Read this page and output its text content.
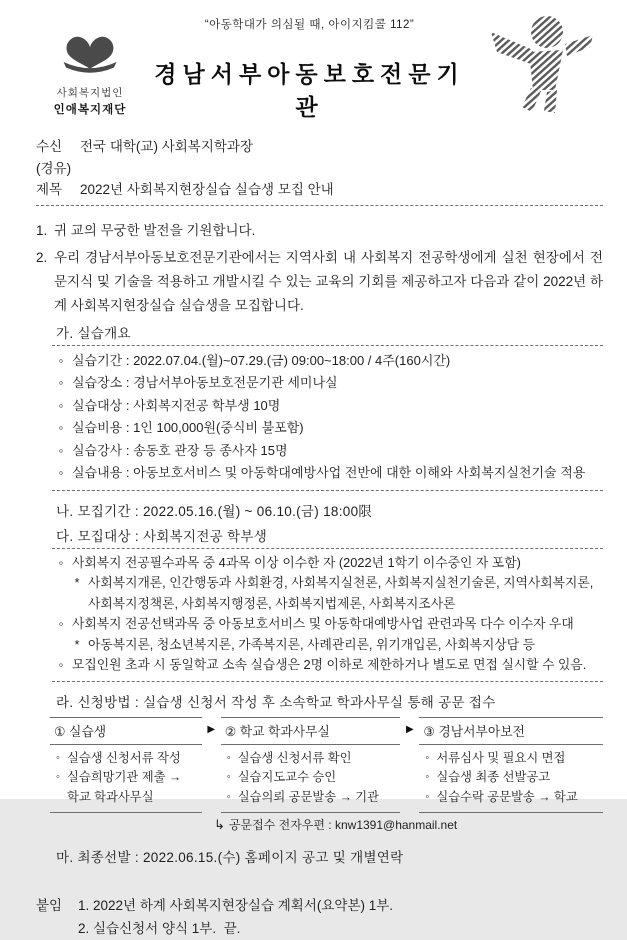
사회복지법인
인애복지재단
“아동학대가 의심될 때, 아이지킴콜 112”
경남서부아동보호전문기관
수신 전국 대학(교) 사회복지학과장
(경유)
제목 2022년 사회복지현장실습 실습생 모집 안내
1. 귀 교의 무궁한 발전을 기원합니다.
2. 우리 경남서부아동보호전문기관에서는 지역사회 내 사회복지 전공학생에게 실천 현장에서 전문지식 및 기술을 적용하고 개발시킬 수 있는 교육의 기회를 제공하고자 다음과 같이 2022년 하계 사회복지현장실습 실습생을 모집합니다.
가. 실습개요
◦ 실습기간 : 2022.07.04.(월)~07.29.(금) 09:00~18:00 / 4주(160시간)
◦ 실습장소 : 경남서부아동보호전문기관 세미나실
◦ 실습대상 : 사회복지전공 학부생 10명
◦ 실습비용 : 1인 100,000원(중식비 불포함)
◦ 실습강사 : 송동호 관장 등 종사자 15명
◦ 실습내용 : 아동보호서비스 및 아동학대예방사업 전반에 대한 이해와 사회복지실천기술 적용
나. 모집기간 : 2022.05.16.(월) ~ 06.10.(금) 18:00限
다. 모집대상 : 사회복지전공 학부생
◦ 사회복지 전공필수과목 중 4과목 이상 이수한 자 (2022년 1학기 이수중인 자 포함)
* 사회복지개론, 인간행동과 사회환경, 사회복지실천론, 사회복지실천기술론, 지역사회복지론, 사회복지정책론, 사회복지행정론, 사회복지법제론, 사회복지조사론
◦ 사회복지 전공선택과목 중 아동보호서비스 및 아동학대예방사업 관련과목 다수 이수자 우대
* 아동복지론, 청소년복지론, 가족복지론, 사례관리론, 위기개입론, 사회복지상담 등
◦ 모집인원 초과 시 동일학교 소속 실습생은 2명 이하로 제한하거나 별도로 면접 실시할 수 있음.
라. 신청방법 : 실습생 신청서 작성 후 소속학교 학과사무실 통해 공문 접수
① 실습생
◦ 실습생 신청서류 작성
◦ 실습희망기관 제출 →
학교 학과사무실
▶ ② 학교 학과사무실
◦ 실습생 신청서류 확인
◦ 실습지도교수 승인
◦ 실습의뢰 공문발송 → 기관
▶ ③ 경남서부아보전
◦ 서류심사 및 필요시 면접
◦ 실습생 최종 선발공고
◦ 실습수락 공문발송 → 학교
↳ 공문접수 전자우편 : knw1391@hanmail.net
마. 최종선발 : 2022.06.15.(수) 홈페이지 공고 및 개별연락
붙임	1. 2022년 하계 사회복지현장실습 계획서(요약본) 1부.
2. 실습신청서 양식 1부.  끝.
